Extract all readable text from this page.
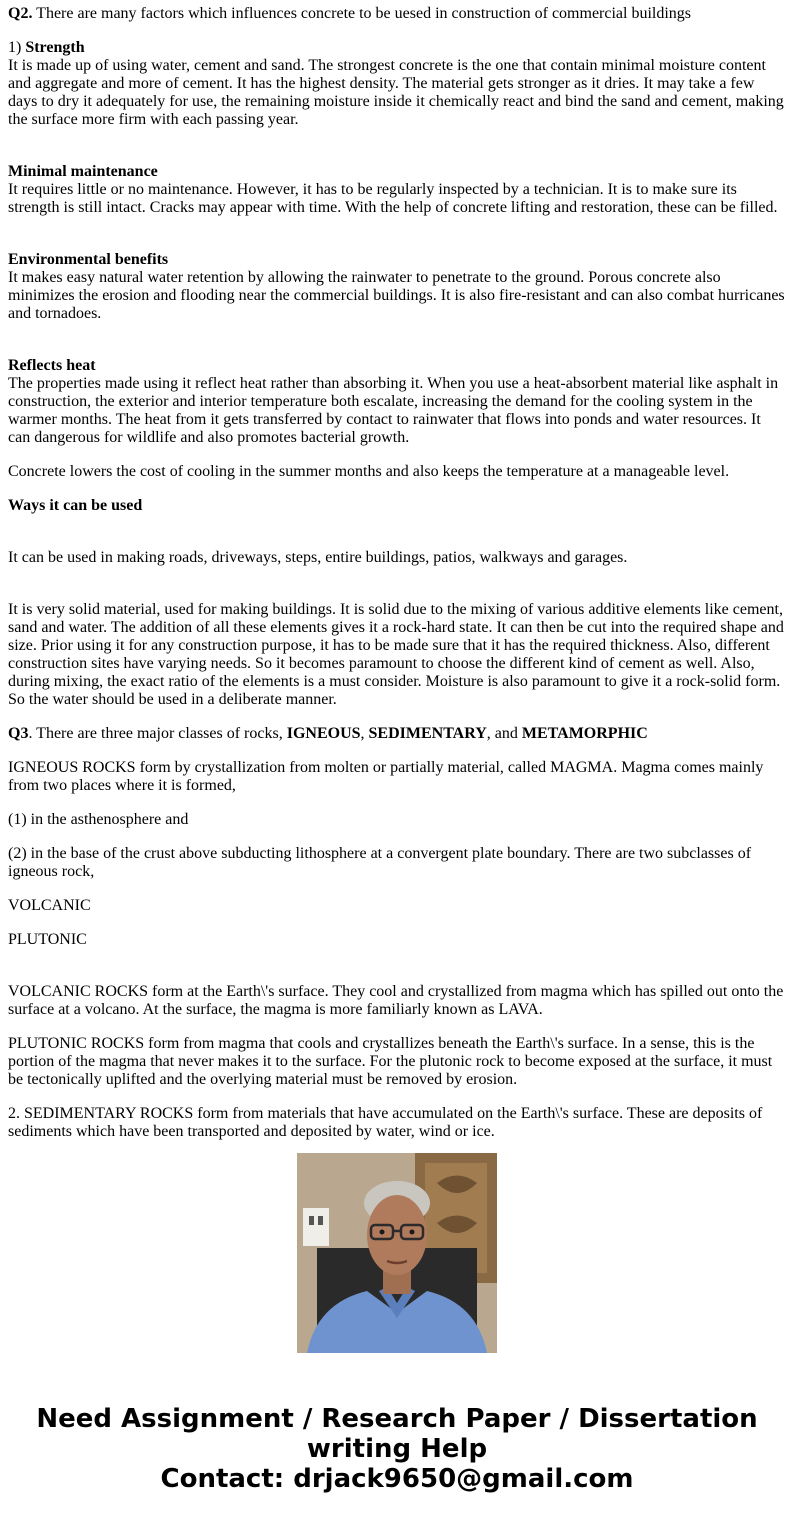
Q2. There are many factors which influences concrete to be uesed in construction of commercial buildings

1) Strength
It is made up of using water, cement and sand. The strongest concrete is the one that contain minimal moisture content and aggregate and more of cement. It has the highest density. The material gets stronger as it dries. It may take a few days to dry it adequately for use, the remaining moisture inside it chemically react and bind the sand and cement, making the surface more firm with each passing year.

Minimal maintenance
It requires little or no maintenance. However, it has to be regularly inspected by a technician. It is to make sure its strength is still intact. Cracks may appear with time. With the help of concrete lifting and restoration, these can be filled.

Environmental benefits
It makes easy natural water retention by allowing the rainwater to penetrate to the ground. Porous concrete also minimizes the erosion and flooding near the commercial buildings. It is also fire-resistant and can also combat hurricanes and tornadoes.

Reflects heat
The properties made using it reflect heat rather than absorbing it. When you use a heat-absorbent material like asphalt in construction, the exterior and interior temperature both escalate, increasing the demand for the cooling system in the warmer months. The heat from it gets transferred by contact to rainwater that flows into ponds and water resources. It can dangerous for wildlife and also promotes bacterial growth.

Concrete lowers the cost of cooling in the summer months and also keeps the temperature at a manageable level.

Ways it can be used

It can be used in making roads, driveways, steps, entire buildings, patios, walkways and garages.

It is very solid material, used for making buildings. It is solid due to the mixing of various additive elements like cement, sand and water. The addition of all these elements gives it a rock-hard state. It can then be cut into the required shape and size. Prior using it for any construction purpose, it has to be made sure that it has the required thickness. Also, different construction sites have varying needs. So it becomes paramount to choose the different kind of cement as well. Also, during mixing, the exact ratio of the elements is a must consider. Moisture is also paramount to give it a rock-solid form. So the water should be used in a deliberate manner.

Q3. There are three major classes of rocks, IGNEOUS, SEDIMENTARY, and METAMORPHIC

IGNEOUS ROCKS form by crystallization from molten or partially material, called MAGMA. Magma comes mainly from two places where it is formed,

(1) in the asthenosphere and

(2) in the base of the crust above subducting lithosphere at a convergent plate boundary. There are two subclasses of igneous rock,

VOLCANIC

PLUTONIC

VOLCANIC ROCKS form at the Earth\'s surface. They cool and crystallized from magma which has spilled out onto the surface at a volcano. At the surface, the magma is more familiarly known as LAVA.

PLUTONIC ROCKS form from magma that cools and crystallizes beneath the Earth\'s surface. In a sense, this is the portion of the magma that never makes it to the surface. For the plutonic rock to become exposed at the surface, it must be tectonically uplifted and the overlying material must be removed by erosion.

2. SEDIMENTARY ROCKS form from materials that have accumulated on the Earth\'s surface. These are deposits of sediments which have been transported and deposited by water, wind or ice.

Need Assignment / Research Paper / Dissertation
writing Help
Contact: drjack9650@gmail.com
